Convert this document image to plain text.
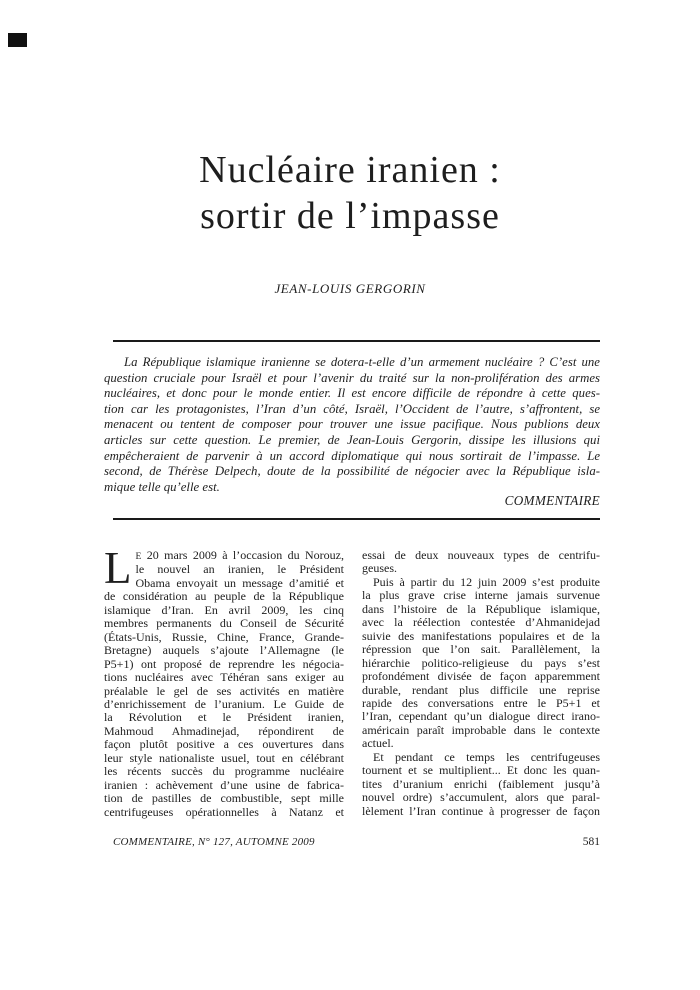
Nucléaire iranien :
sortir de l’impasse
JEAN-LOUIS GERGORIN
La République islamique iranienne se dotera-t-elle d’un armement nucléaire ? C’est une
question cruciale pour Israël et pour l’avenir du traité sur la non-prolifération des armes
nucléaires, et donc pour le monde entier. Il est encore difficile de répondre à cette ques-
tion car les protagonistes, l’Iran d’un côté, Israël, l’Occident de l’autre, s’affrontent, se
menacent ou tentent de composer pour trouver une issue pacifique. Nous publions deux
articles sur cette question. Le premier, de Jean-Louis Gergorin, dissipe les illusions qui
empêcheraient de parvenir à un accord diplomatique qui nous sortirait de l’impasse. Le
second, de Thérèse Delpech, doute de la possibilité de négocier avec la République isla-
mique telle qu’elle est.
COMMENTAIRE
L E 20 mars 2009 à l’occasion du Norouz,
le nouvel an iranien, le Président
Obama envoyait un message d’amitié et
de considération au peuple de la République
islamique d’Iran. En avril 2009, les cinq
membres permanents du Conseil de Sécurité
(États-Unis, Russie, Chine, France, Grande-
Bretagne) auquels s’ajoute l’Allemagne (le
P5+1) ont proposé de reprendre les négocia-
tions nucléaires avec Téhéran sans exiger au
préalable le gel de ses activités en matière
d’enrichissement de l’uranium. Le Guide de
la Révolution et le Président iranien,
Mahmoud Ahmadinejad, répondirent de
façon plutôt positive a ces ouvertures dans
leur style nationaliste usuel, tout en célébrant
les récents succès du programme nucléaire
iranien : achèvement d’une usine de fabrica-
tion de pastilles de combustible, sept mille
centrifugeuses opérationnelles à Natanz et
essai de deux nouveaux types de centrifu-
geuses.
Puis à partir du 12 juin 2009 s’est produite
la plus grave crise interne jamais survenue
dans l’histoire de la République islamique,
avec la réélection contestée d’Ahmanidejad
suivie des manifestations populaires et de la
répression que l’on sait. Parallèlement, la
hiérarchie politico-religieuse du pays s’est
profondément divisée de façon apparemment
durable, rendant plus difficile une reprise
rapide des conversations entre le P5+1 et
l’Iran, cependant qu’un dialogue direct irano-
américain paraît improbable dans le contexte
actuel.
Et pendant ce temps les centrifugeuses
tournent et se multiplient... Et donc les quan-
tites d’uranium enrichi (faiblement jusqu’à
nouvel ordre) s’accumulent, alors que paral-
lèlement l’Iran continue à progresser de façon
COMMENTAIRE, N° 127, AUTOMNE 2009	581
